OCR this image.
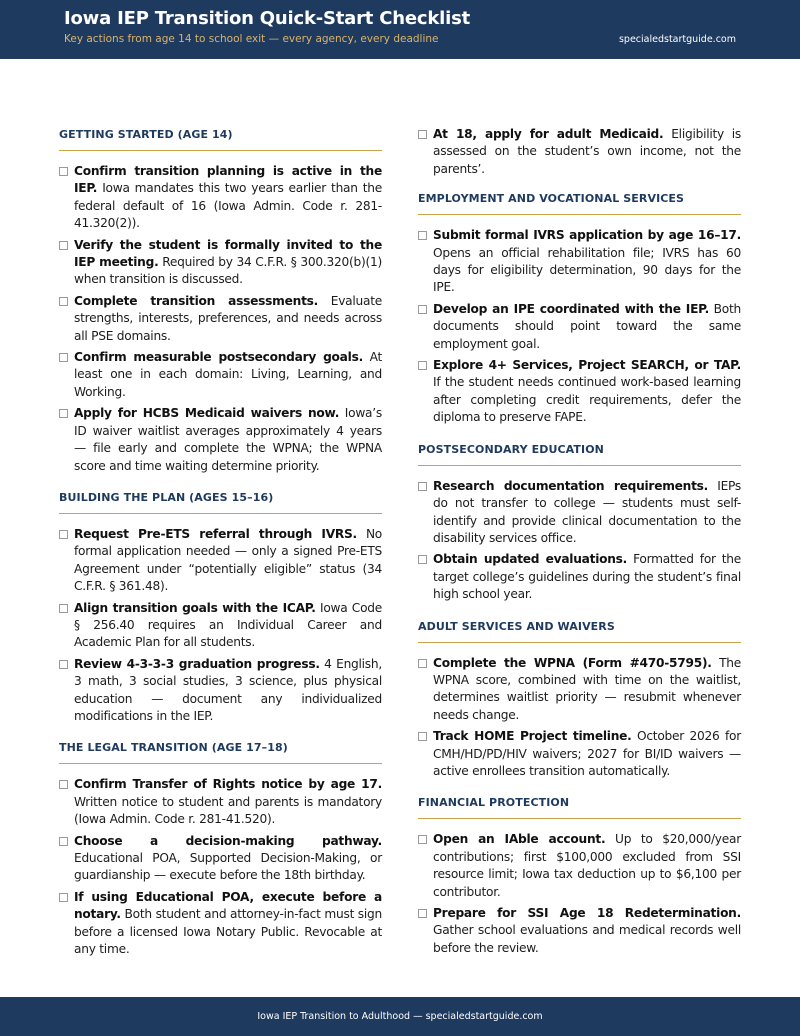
Iowa IEP Transition Quick-Start Checklist
Key actions from age 14 to school exit — every agency, every deadline	specialedstartguide.com
GETTING STARTED (AGE 14)
Confirm transition planning is active in the IEP. Iowa mandates this two years earlier than the federal default of 16 (Iowa Admin. Code r. 281-41.320(2)).
Verify the student is formally invited to the IEP meeting. Required by 34 C.F.R. § 300.320(b)(1) when transition is discussed.
Complete transition assessments. Evaluate strengths, interests, preferences, and needs across all PSE domains.
Confirm measurable postsecondary goals. At least one in each domain: Living, Learning, and Working.
Apply for HCBS Medicaid waivers now. Iowa’s ID waiver waitlist averages approximately 4 years — file early and complete the WPNA; the WPNA score and time waiting determine priority.
BUILDING THE PLAN (AGES 15–16)
Request Pre-ETS referral through IVRS. No formal application needed — only a signed Pre-ETS Agreement under “potentially eligible” status (34 C.F.R. § 361.48).
Align transition goals with the ICAP. Iowa Code § 256.40 requires an Individual Career and Academic Plan for all students.
Review 4-3-3-3 graduation progress. 4 English, 3 math, 3 social studies, 3 science, plus physical education — document any individualized modifications in the IEP.
THE LEGAL TRANSITION (AGE 17–18)
Confirm Transfer of Rights notice by age 17. Written notice to student and parents is mandatory (Iowa Admin. Code r. 281-41.520).
Choose a decision-making pathway. Educational POA, Supported Decision-Making, or guardianship — execute before the 18th birthday.
If using Educational POA, execute before a notary. Both student and attorney-in-fact must sign before a licensed Iowa Notary Public. Revocable at any time.
At 18, apply for adult Medicaid. Eligibility is assessed on the student’s own income, not the parents’.
EMPLOYMENT AND VOCATIONAL SERVICES
Submit formal IVRS application by age 16–17. Opens an official rehabilitation file; IVRS has 60 days for eligibility determination, 90 days for the IPE.
Develop an IPE coordinated with the IEP. Both documents should point toward the same employment goal.
Explore 4+ Services, Project SEARCH, or TAP. If the student needs continued work-based learning after completing credit requirements, defer the diploma to preserve FAPE.
POSTSECONDARY EDUCATION
Research documentation requirements. IEPs do not transfer to college — students must self-identify and provide clinical documentation to the disability services office.
Obtain updated evaluations. Formatted for the target college’s guidelines during the student’s final high school year.
ADULT SERVICES AND WAIVERS
Complete the WPNA (Form #470-5795). The WPNA score, combined with time on the waitlist, determines waitlist priority — resubmit whenever needs change.
Track HOME Project timeline. October 2026 for CMH/HD/PD/HIV waivers; 2027 for BI/ID waivers — active enrollees transition automatically.
FINANCIAL PROTECTION
Open an IAble account. Up to $20,000/year contributions; first $100,000 excluded from SSI resource limit; Iowa tax deduction up to $6,100 per contributor.
Prepare for SSI Age 18 Redetermination. Gather school evaluations and medical records well before the review.
Iowa IEP Transition to Adulthood — specialedstartguide.com
